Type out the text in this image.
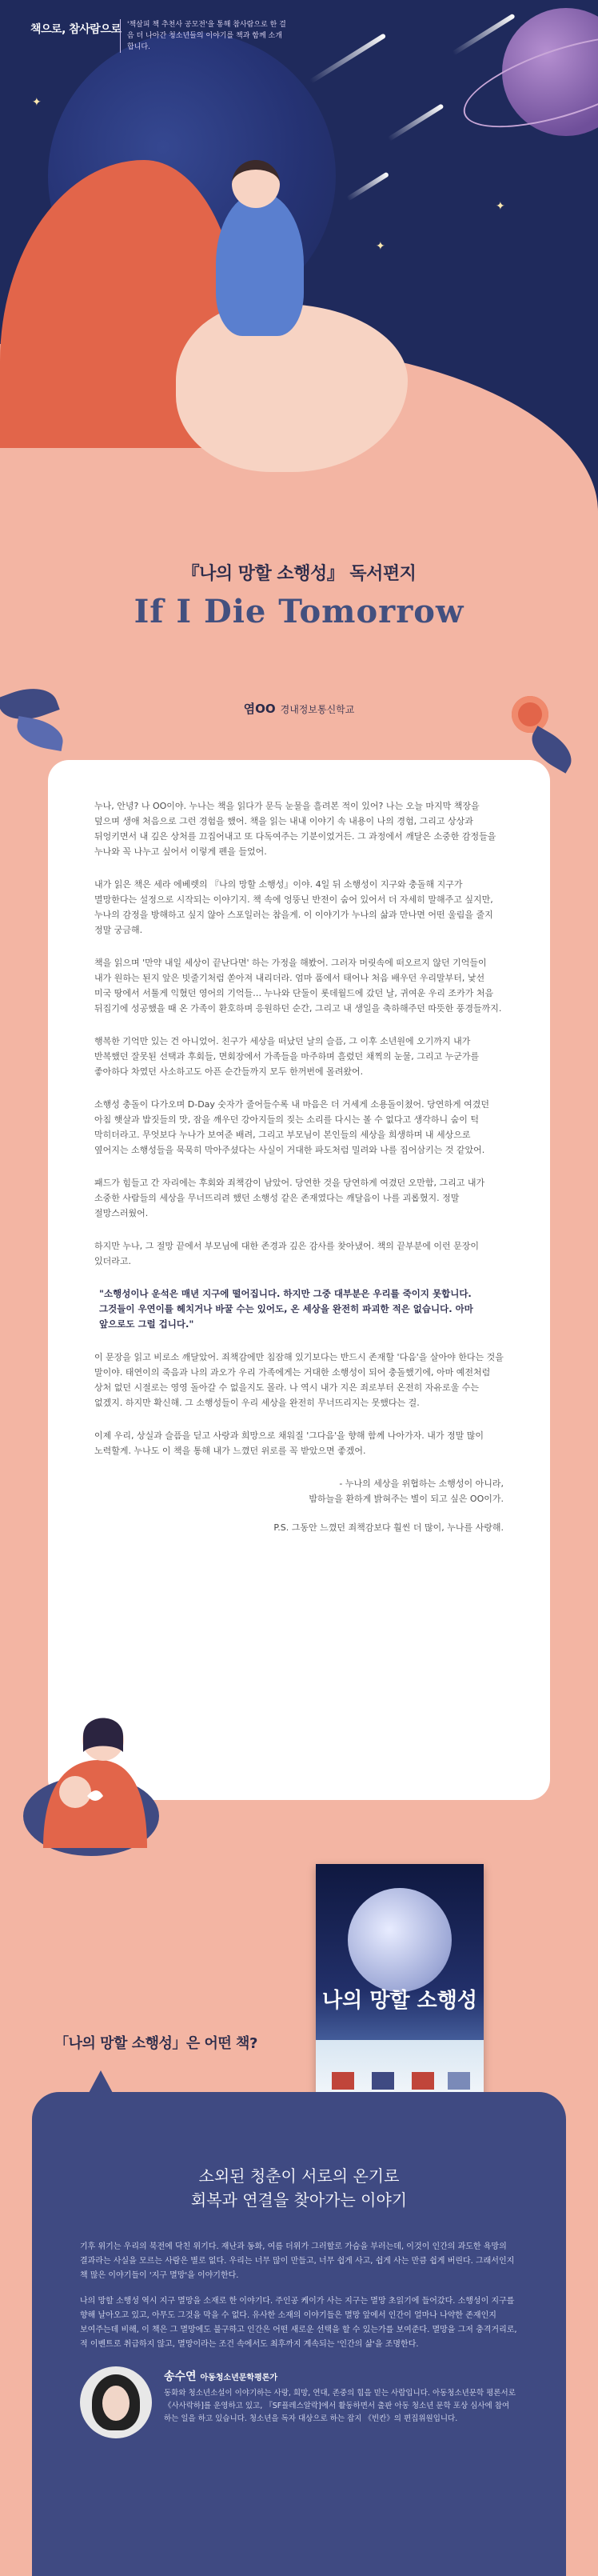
✦
✦
✦
책으로, 참사람으로 '책살피 책 추천사 공모전'을 통해 참사람으로 한 걸음 더 나아간 청소년들의 이야기를 책과 함께 소개합니다.
『나의 망할 소행성』 독서편지
If I Die Tomorrow
염OO 경내정보통신학교

누나, 안녕? 나 OO이야. 누나는 책을 읽다가 문득 눈물을 흘려본 적이 있어? 나는 오늘 마지막 책장을 덮으며 생애 처음으로 그런 경험을 했어. 책을 읽는 내내 이야기 속 내용이 나의 경험, 그리고 상상과 뒤엉키면서 내 깊은 상처를 끄집어내고 또 다독여주는 기분이었거든. 그 과정에서 깨달은 소중한 감정들을 누나와 꼭 나누고 싶어서 이렇게 펜을 들었어.

내가 읽은 책은 세라 에베렛의 『나의 망할 소행성』이야. 4일 뒤 소행성이 지구와 충돌해 지구가 멸망한다는 설정으로 시작되는 이야기지. 책 속에 엉뚱닌 반전이 숨어 있어서 더 자세히 말해주고 싶지만, 누나의 감정을 방해하고 싶지 않아 스포일러는 참을게. 이 이야기가 누나의 삶과 만나면 어떤 울림을 줄지 정말 궁금해.

책을 읽으며 '만약 내일 세상이 끝난다면' 하는 가정을 해봤어. 그러자 머릿속에 떠오르지 않던 기억들이 내가 원하는 된지 앞은 빗줄기처럼 쏟아져 내리더라. 엄마 품에서 태어나 처음 배우던 우리말부터, 낯선 미국 땅에서 서툴게 익혔던 영어의 기억들… 누나와 단둘이 롯데월드에 갔던 날, 귀여운 우리 조카가 처음 뒤집기에 성공했을 때 온 가족이 환호하며 응원하던 순간, 그리고 내 생일을 축하해주던 따뜻한 풍경들까지.

행복한 기억만 있는 건 아니었어. 친구가 세상을 떠났던 날의 슬픔, 그 이후 소년원에 오기까지 내가 반복했던 잘못된 선택과 후회들, 면회장에서 가족들을 마주하며 흘렸던 채찍의 눈물, 그리고 누군가를 좋아하다 차였던 사소하고도 아픈 순간들까지 모두 한꺼번에 몰려왔어.

소행성 충돌이 다가오며 D-Day 숫자가 줄어들수록 내 마음은 더 거세게 소용돌이쳤어. 당연하게 여겼던 아침 햇살과 밥짓들의 맛, 잠을 깨우던 강아지들의 짖는 소리를 다시는 볼 수 없다고 생각하니 숨이 턱 막히더라고. 무엇보다 누나가 보여준 배려, 그리고 부모님이 본인들의 세상을 희생하며 내 세상으로 옆어지는 소행성들을 묵묵히 막아주셨다는 사실이 거대한 파도처럼 밀려와 나를 집어삼키는 것 같았어.

패드가 힘들고 간 자리에는 후회와 죄책감이 남았어. 당연한 것을 당연하게 여겼던 오만함, 그리고 내가 소중한 사람들의 세상을 무너뜨리려 했던 소행성 같은 존재였다는 깨달음이 나를 괴롭혔지. 정말 절망스러웠어.

하지만 누나, 그 절망 끝에서 부모님에 대한 존경과 깊은 감사를 찾아냈어. 책의 끝부분에 이런 문장이 있더라고.

"소행성이나 운석은 매년 지구에 떨어집니다. 하지만 그중 대부분은 우리를 죽이지 못합니다. 그것들이 우연이를 헤치거나 바꿀 수는 있어도, 온 세상을 완전히 파괴한 적은 없습니다. 아마 앞으로도 그럴 겁니다."

이 문장을 읽고 비로소 깨달았어. 죄책감에만 침잠해 있기보다는 반드시 존재할 '다음'을 살아야 한다는 것을 말이야. 태연이의 죽음과 나의 과오가 우리 가족에게는 거대한 소행성이 되어 충돌했기에, 아마 예전처럼 상처 없던 시절로는 영영 돌아갈 수 없을지도 몰라. 나 역시 내가 지은 죄로부터 온전히 자유로울 수는 없겠지. 하지만 확신해. 그 소행성들이 우리 세상을 완전히 무너뜨리지는 못했다는 걸.

이제 우리, 상실과 슬픔을 딛고 사랑과 희망으로 채워질 '그다음'을 향해 함께 나아가자. 내가 정말 많이 노력할게. 누나도 이 책을 통해 내가 느꼈던 위로를 꼭 받았으면 좋겠어.

- 누나의 세상을 위협하는 소행성이 아니라,
밤하늘을 환하게 밝혀주는 별이 되고 싶은 OO이가.
P.S. 그동안 느꼈던 죄책감보다 훨씬 더 많이, 누나를 사랑해.
나의 망할 소행성
「나의 망할 소행성」은 어떤 책?
소외된 청춘이 서로의 온기로
회복과 연결을 찾아가는 이야기

기후 위기는 우리의 북전에 닥친 위기다. 재난과 동화, 여름 더위가 그러할로 가슴을 부러는데, 이것이 인간의 과도한 욕망의 결과라는 사실을 모르는 사람은 별로 없다. 우리는 너무 많이 만들고, 너무 쉽게 사고, 쉽게 사는 만큼 쉽게 버린다. 그래서인지 책 많은 이야기들이 '지구 멸망'을 이야기한다.

나의 망할 소행성 역시 지구 멸망을 소재로 한 이야기다. 주인공 케이가 사는 지구는 멸망 초읽기에 들어갔다. 소행성이 지구를 향해 날아오고 있고, 아무도 그것을 막을 수 없다. 유사한 소재의 이야기들은 멸망 앞에서 인간이 얼마나 나약한 존재인지 보여주는데 비해, 이 책은 그 멸망에도 불구하고 인간은 어떤 새로운 선택을 할 수 있는가를 보여준다. 멸망을 그저 충격거리로, 적 이벤트로 취급하지 않고, 멸망이라는 조건 속에서도 최후까지 계속되는 '인간의 삶'을 조명한다.

송수연 아동청소년문학평론가
동화와 청소년소설이 이야기하는 사랑, 희망, 연대, 존중의 힘을 믿는 사람입니다. 아동청소년문학 평론서로 《사사락하]를 운영하고 있고, 『SF플레스알락]에서 활동하면서 출판 아동 청소년 문학 포상 심사에 참여하는 일을 하고 있습니다. 청소년을 독자 대상으로 하는 잡지 《빈칸》의 편집위원입니다.
